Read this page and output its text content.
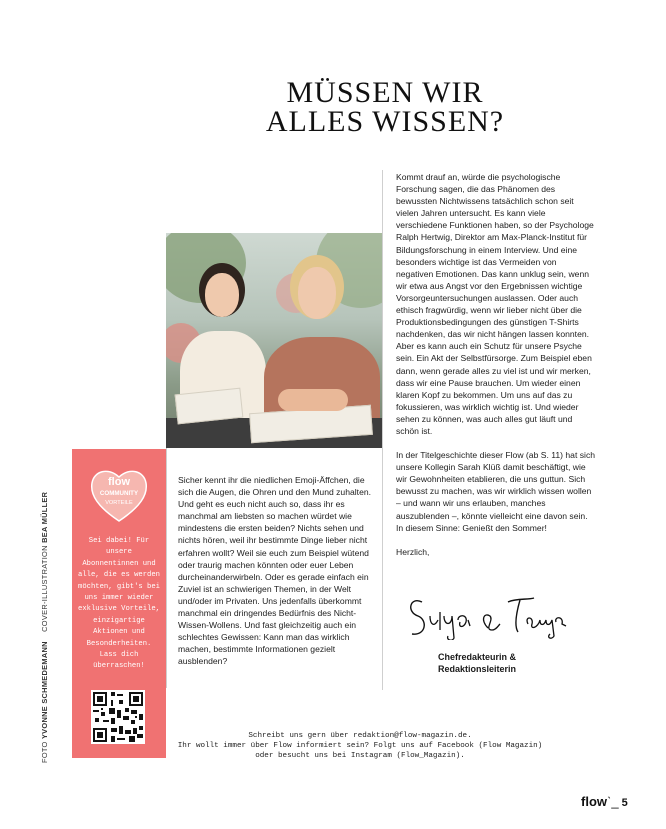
MÜSSEN WIR
ALLES WISSEN?

Kommt drauf an, würde die psychologische Forschung sagen, die das Phänomen des bewussten Nichtwissens tatsächlich schon seit vielen Jahren untersucht. Es kann viele verschiedene Funktionen haben, so der Psychologe Ralph Hertwig, Direktor am Max-Planck-Institut für Bildungsforschung in einem Interview. Und eine besonders wichtige ist das Vermeiden von negativen Emotionen. Das kann unklug sein, wenn wir etwa aus Angst vor den Ergebnissen wichtige Vorsorgeuntersuchungen auslassen. Oder auch ethisch fragwürdig, wenn wir lieber nicht über die Produktionsbedingungen des günstigen T-Shirts nachdenken, das wir nicht hängen lassen konnten. Aber es kann auch ein Schutz für unsere Psyche sein. Ein Akt der Selbstfürsorge. Zum Beispiel eben dann, wenn gerade alles zu viel ist und wir merken, dass wir eine Pause brauchen. Um wieder einen klaren Kopf zu bekommen. Um uns auf das zu fokussieren, was wirklich wichtig ist. Und wieder sehen zu können, was auch alles gut läuft und schön ist.

In der Titelgeschichte dieser Flow (ab S. 11) hat sich unsere Kollegin Sarah Klüß damit beschäftigt, wie wir Gewohnheiten etablieren, die uns guttun. Sich bewusst zu machen, was wir wirklich wissen wollen – und wann wir uns erlauben, manches auszublenden –, könnte vielleicht eine davon sein. In diesem Sinne: Genießt den Sommer!

Herzlich,

Chefredakteurin &
Redaktionsleiterin

Sicher kennt ihr die niedlichen Emoji-Äffchen, die sich die Augen, die Ohren und den Mund zuhalten. Und geht es euch nicht auch so, dass ihr es manchmal am liebsten so machen würdet wie mindestens die ersten beiden? Nichts sehen und nichts hören, weil ihr bestimmte Dinge lieber nicht erfahren wollt? Weil sie euch zum Beispiel wütend oder traurig machen könnten oder euer Leben durcheinanderwirbeln. Oder es gerade einfach ein Zuviel ist an schwierigen Themen, in der Welt und/oder im Privaten. Uns jedenfalls überkommt manchmal ein dringendes Bedürfnis des Nicht-Wissen-Wollens. Und fast gleichzeitig auch ein schlechtes Gewissen: Kann man das wirklich machen, bestimmte Informationen gezielt ausblenden?

flow
COMMUNITY
VORTEILE
Sei dabei! Für unsere Abonnentinnen und alle, die es werden möchten, gibt's bei uns immer wieder exklusive Vorteile, einzigartige Aktionen und Besonderheiten. Lass dich überraschen!
FOTO YVONNE SCHMEDEMANN    COVER-ILLUSTRATION BEA MÜLLER
Schreibt uns gern über redaktion@flow-magazin.de.
Ihr wollt immer über Flow informiert sein? Folgt uns auf Facebook (Flow Magazin)
oder besucht uns bei Instagram (Flow_Magazin).
flowˋ_ 5
